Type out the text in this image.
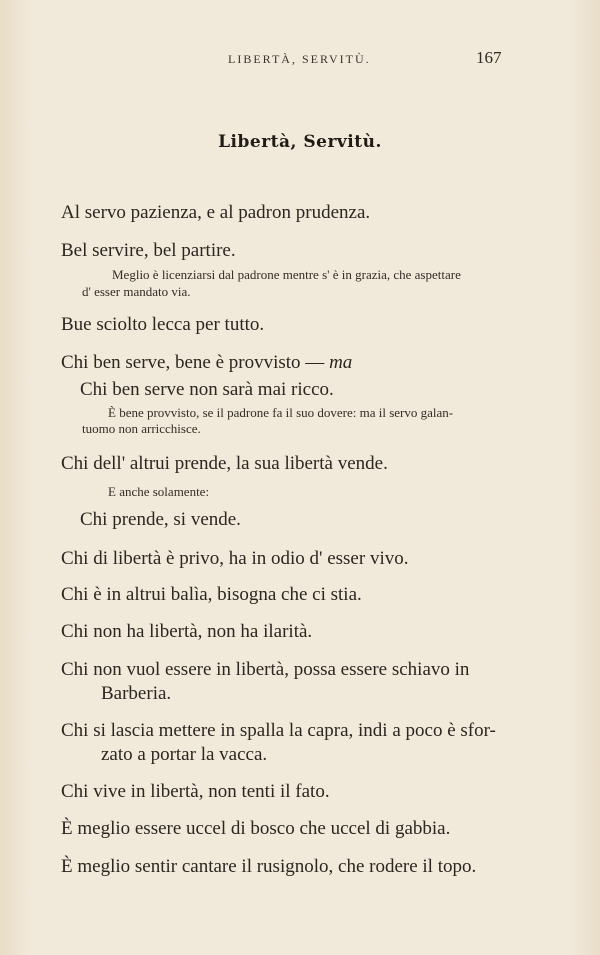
LIBERTÀ, SERVITÙ.	167
Libertà, Servitù.
Al servo pazienza, e al padron prudenza.
Bel servire, bel partire.
Meglio è licenziarsi dal padrone mentre s' è in grazia, che aspettare
d' esser mandato via.
Bue sciolto lecca per tutto.
Chi ben serve, bene è provvisto — ma
Chi ben serve non sarà mai ricco.
È bene provvisto, se il padrone fa il suo dovere: ma il servo galan-
tuomo non arricchisce.
Chi dell' altrui prende, la sua libertà vende.
E anche solamente:
Chi prende, si vende.
Chi di libertà è privo, ha in odio d' esser vivo.
Chi è in altrui balìa, bisogna che ci stia.
Chi non ha libertà, non ha ilarità.
Chi non vuol essere in libertà, possa essere schiavo in
Barberia.
Chi si lascia mettere in spalla la capra, indi a poco è sfor-
zato a portar la vacca.
Chi vive in libertà, non tenti il fato.
È meglio essere uccel di bosco che uccel di gabbia.
È meglio sentir cantare il rusignolo, che rodere il topo.
